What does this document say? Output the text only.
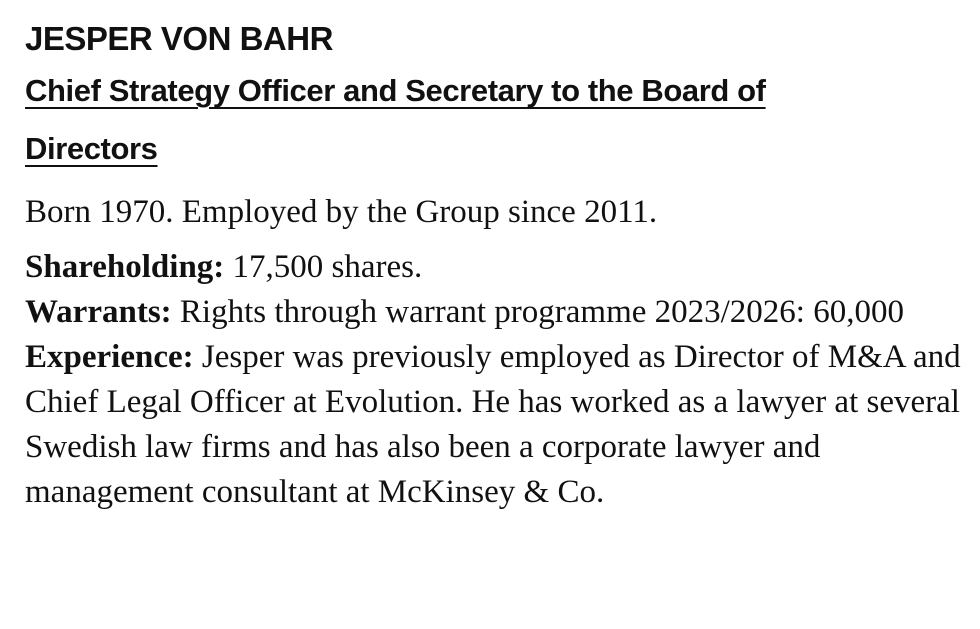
JESPER VON BAHR
Chief Strategy Officer and Secretary to the Board of Directors

Born 1970. Employed by the Group since 2011.

Shareholding: 17,500 shares.

Warrants: Rights through warrant programme 2023/2026: 60,000

Experience: Jesper was previously employed as Director of M&A and Chief Legal Officer at Evolution. He has worked as a lawyer at several Swedish law firms and has also been a corporate lawyer and management consultant at McKinsey & Co.
